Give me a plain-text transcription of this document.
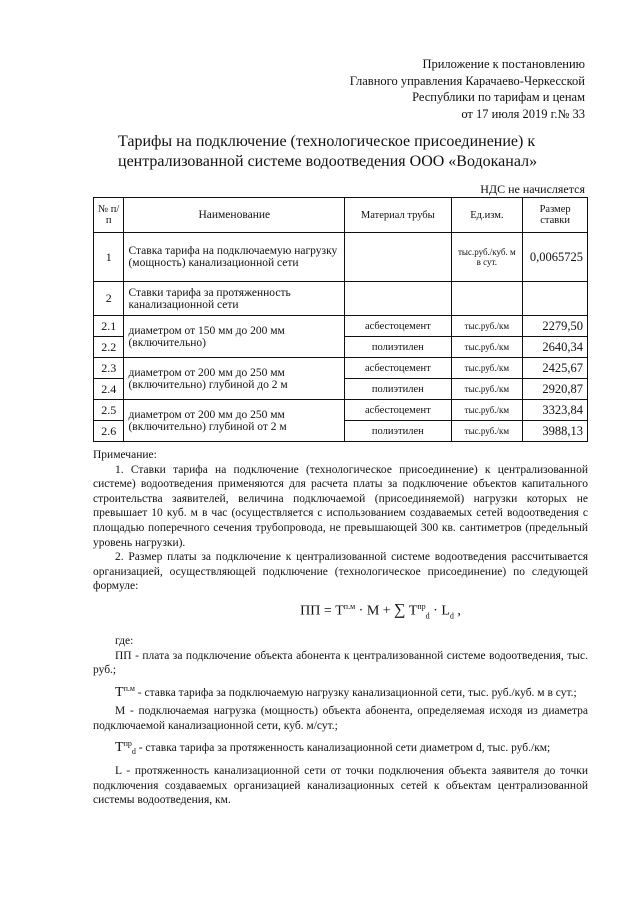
Приложение к постановлению
Главного управления Карачаево-Черкесской
Республики по тарифам и ценам
от 17 июля 2019 г.№ 33
Тарифы на подключение (технологическое присоединение) к централизованной системе водоотведения ООО «Водоканал»
НДС не начисляется
№ п/п	Наименование	Материал трубы	Ед.изм.	Размер ставки
1	Ставка тарифа на подключаемую нагрузку (мощность) канализационной сети		тыс.руб./куб. м в сут.	0,0065725
2	Ставки тарифа за протяженность канализационной сети			
2.1	диаметром от 150 мм до 200 мм (включительно)	асбестоцемент	тыс.руб./км	2279,50
2.2		полиэтилен	тыс.руб./км	2640,34
2.3	диаметром от 200 мм до 250 мм (включительно) глубиной до 2 м	асбестоцемент	тыс.руб./км	2425,67
2.4		полиэтилен	тыс.руб./км	2920,87
2.5	диаметром от 200 мм до 250 мм (включительно) глубиной от 2 м	асбестоцемент	тыс.руб./км	3323,84
2.6		полиэтилен	тыс.руб./км	3988,13

Примечание:

1. Ставки тарифа на подключение (технологическое присоединение) к централизованной системе) водоотведения применяются для расчета платы за подключение объектов капитального строительства заявителей, величина подключаемой (присоединяемой) нагрузки которых не превышает 10 куб. м в час (осуществляется с использованием создаваемых сетей водоотведения с площадью поперечного сечения трубопровода, не превышающей 300 кв. сантиметров (предельный уровень нагрузки).

2. Размер платы за подключение к централизованной системе водоотведения рассчитывается организацией, осуществляющей подключение (технологическое присоединение) по следующей формуле:

ПП = $T^{п.м} \cdot M$ + ∑ $T^{пр}_d \cdot L_d$ ,

где:

ПП - плата за подключение объекта абонента к централизованной системе водоотведения, тыс. руб.;

$T^{п.м}$ - ставка тарифа за подключаемую нагрузку канализационной сети, тыс. руб./куб. м в сут.;

М - подключаемая нагрузка (мощность) объекта абонента, определяемая исходя из диаметра подключаемой канализационной сети, куб. м/сут.;

$T^{пр}_d$ - ставка тарифа за протяженность канализационной сети диаметром d, тыс. руб./км;

L - протяженность канализационной сети от точки подключения объекта заявителя до точки подключения создаваемых организацией канализационных сетей к объектам централизованной системы водоотведения, км.
